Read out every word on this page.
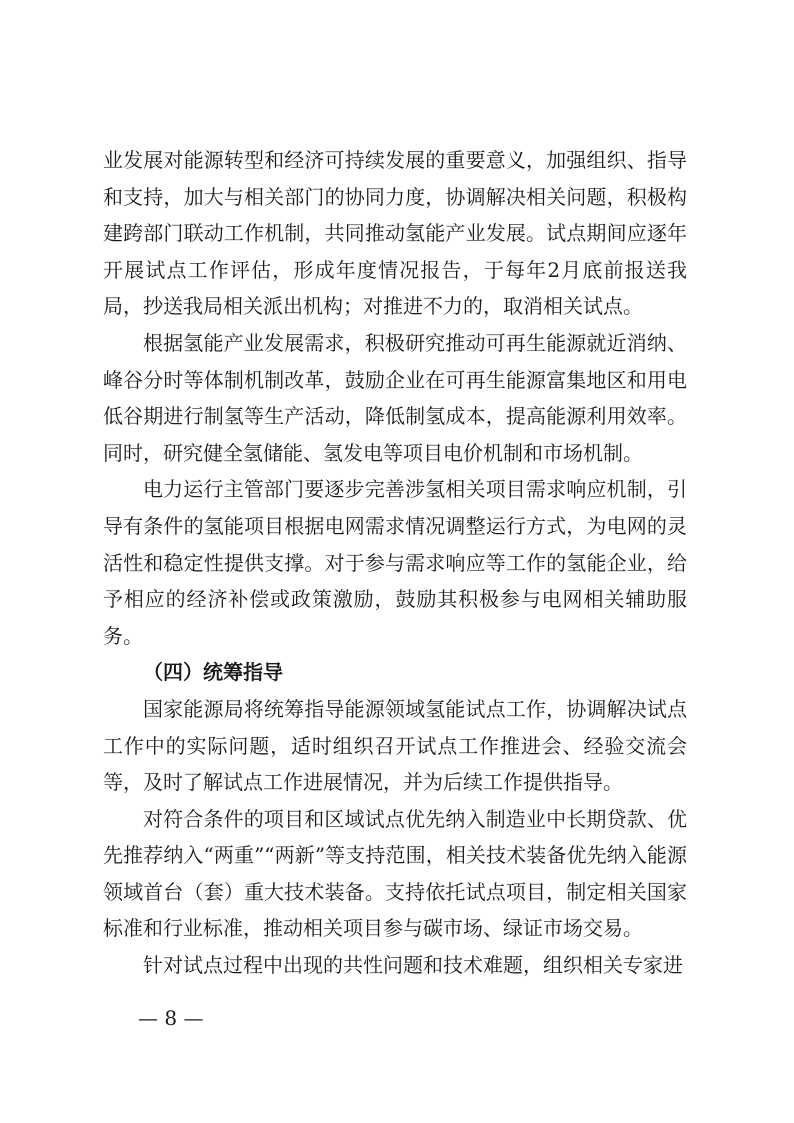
业发展对能源转型和经济可持续发展的重要意义，加强组织、指导和支持，加大与相关部门的协同力度，协调解决相关问题，积极构建跨部门联动工作机制，共同推动氢能产业发展。试点期间应逐年开展试点工作评估，形成年度情况报告，于每年2月底前报送我局，抄送我局相关派出机构；对推进不力的，取消相关试点。

根据氢能产业发展需求，积极研究推动可再生能源就近消纳、峰谷分时等体制机制改革，鼓励企业在可再生能源富集地区和用电低谷期进行制氢等生产活动，降低制氢成本，提高能源利用效率。同时，研究健全氢储能、氢发电等项目电价机制和市场机制。

电力运行主管部门要逐步完善涉氢相关项目需求响应机制，引导有条件的氢能项目根据电网需求情况调整运行方式，为电网的灵活性和稳定性提供支撑。对于参与需求响应等工作的氢能企业，给予相应的经济补偿或政策激励，鼓励其积极参与电网相关辅助服务。

（四）统筹指导

国家能源局将统筹指导能源领域氢能试点工作，协调解决试点工作中的实际问题，适时组织召开试点工作推进会、经验交流会等，及时了解试点工作进展情况，并为后续工作提供指导。

对符合条件的项目和区域试点优先纳入制造业中长期贷款、优先推荐纳入“两重”“两新”等支持范围，相关技术装备优先纳入能源领域首台（套）重大技术装备。支持依托试点项目，制定相关国家标准和行业标准，推动相关项目参与碳市场、绿证市场交易。

针对试点过程中出现的共性问题和技术难题，组织相关专家进

— 8 —
